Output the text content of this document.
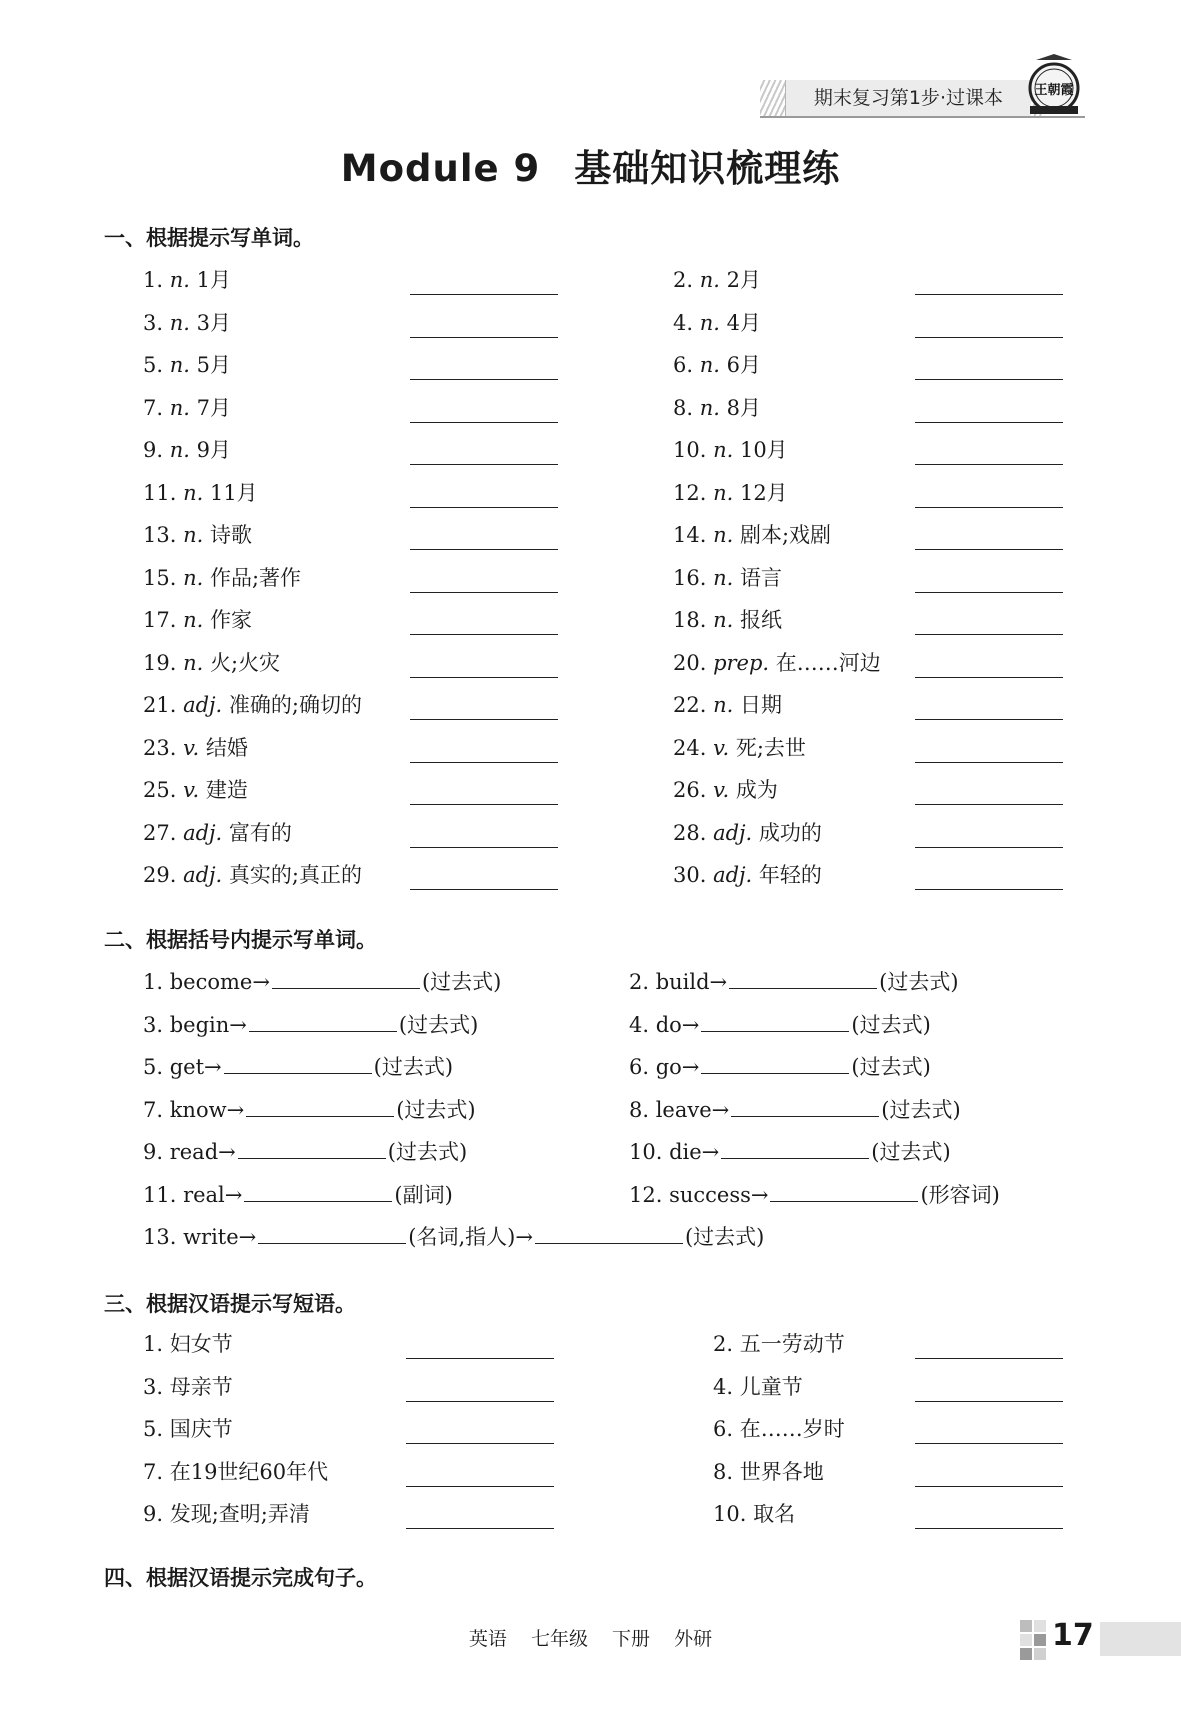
期末复习第1步·过课本	王朝霞
Module 9 基础知识梳理练
一、根据提示写单词。
1. n. 1月	2. n. 2月
3. n. 3月	4. n. 4月
5. n. 5月	6. n. 6月
7. n. 7月	8. n. 8月
9. n. 9月	10. n. 10月
11. n. 11月	12. n. 12月
13. n. 诗歌	14. n. 剧本;戏剧
15. n. 作品;著作	16. n. 语言
17. n. 作家	18. n. 报纸
19. n. 火;火灾	20. prep. 在……河边
21. adj. 准确的;确切的	22. n. 日期
23. v. 结婚	24. v. 死;去世
25. v. 建造	26. v. 成为
27. adj. 富有的	28. adj. 成功的
29. adj. 真实的;真正的	30. adj. 年轻的
二、根据括号内提示写单词。
1. become→	(过去式)	2. build→	(过去式)
3. begin→	(过去式)	4. do→	(过去式)
5. get→	(过去式)	6. go→	(过去式)
7. know→	(过去式)	8. leave→	(过去式)
9. read→	(过去式)	10. die→	(过去式)
11. real→	(副词)	12. success→	(形容词)
13. write→	(名词,指人)→	(过去式)
三、根据汉语提示写短语。
1. 妇女节	2. 五一劳动节
3. 母亲节	4. 儿童节
5. 国庆节	6. 在……岁时
7. 在19世纪60年代	8. 世界各地
9. 发现;查明;弄清	10. 取名
四、根据汉语提示完成句子。
英语 七年级 下册 外研	17
